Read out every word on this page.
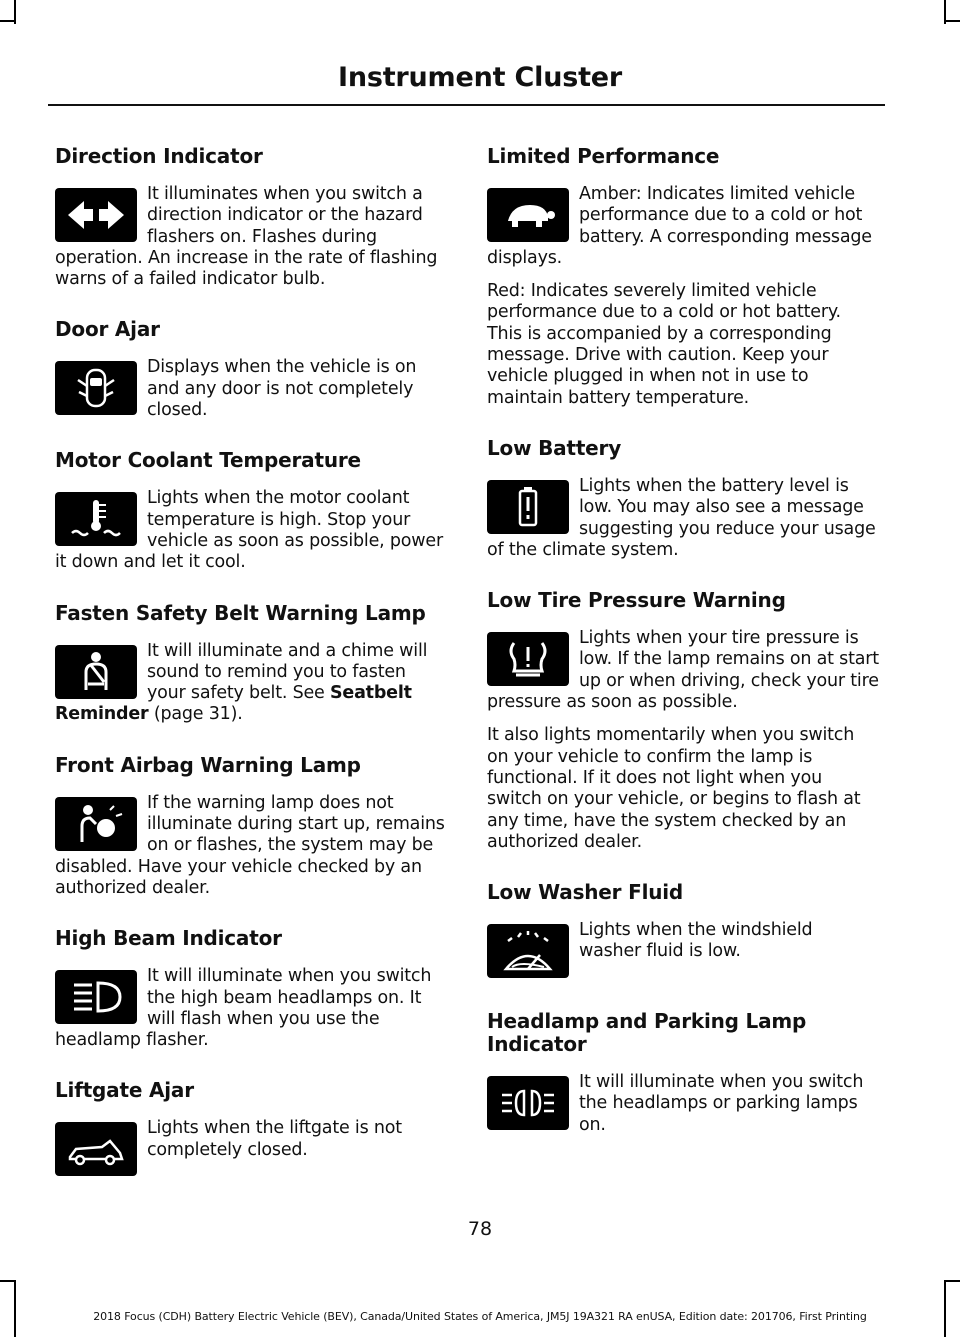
Instrument Cluster
Direction Indicator
It illuminates when you switch a direction indicator or the hazard flashers on. Flashes during operation. An increase in the rate of flashing warns of a failed indicator bulb.
Door Ajar
Displays when the vehicle is on and any door is not completely closed.
Motor Coolant Temperature
Lights when the motor coolant temperature is high. Stop your vehicle as soon as possible, power it down and let it cool.
Fasten Safety Belt Warning Lamp
It will illuminate and a chime will sound to remind you to fasten your safety belt. See Seatbelt Reminder (page 31).
Front Airbag Warning Lamp
If the warning lamp does not illuminate during start up, remains on or flashes, the system may be disabled. Have your vehicle checked by an authorized dealer.
High Beam Indicator
It will illuminate when you switch the high beam headlamps on. It will flash when you use the headlamp flasher.
Liftgate Ajar
Lights when the liftgate is not completely closed.
Limited Performance
Amber: Indicates limited vehicle performance due to a cold or hot battery. A corresponding message displays.

Red: Indicates severely limited vehicle performance due to a cold or hot battery. This is accompanied by a corresponding message. Drive with caution. Keep your vehicle plugged in when not in use to maintain battery temperature.

Low Battery
Lights when the battery level is low. You may also see a message suggesting you reduce your usage of the climate system.
Low Tire Pressure Warning
Lights when your tire pressure is low. If the lamp remains on at start up or when driving, check your tire pressure as soon as possible.

It also lights momentarily when you switch on your vehicle to confirm the lamp is functional. If it does not light when you switch on your vehicle, or begins to flash at any time, have the system checked by an authorized dealer.

Low Washer Fluid
Lights when the windshield washer fluid is low.
Headlamp and Parking Lamp Indicator
It will illuminate when you switch the headlamps or parking lamps on.
78
2018 Focus (CDH) Battery Electric Vehicle (BEV), Canada/United States of America, JM5J 19A321 RA enUSA, Edition date: 201706, First Printing
